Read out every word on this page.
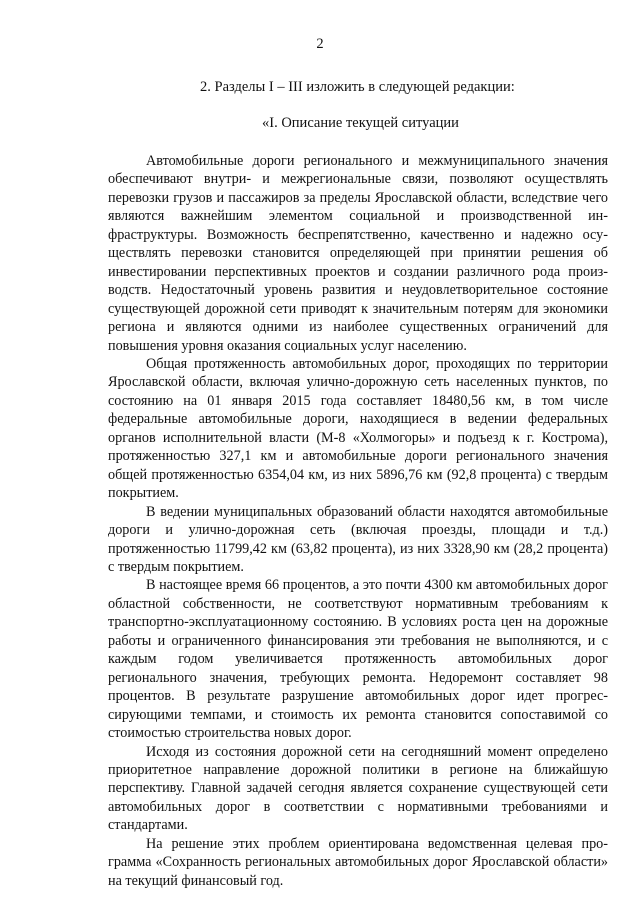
2
2. Разделы I – III изложить в следующей редакции:
«I. Описание текущей ситуации

Автомобильные дороги регионального и межмуниципального значения обеспечивают внутри- и межрегиональные связи, позволяют осуществлять перевозки грузов и пассажиров за пределы Ярославской области, вследствие чего являются важнейшим элементом социальной и производственной инфраструктуры. Возможность беспрепятственно, качественно и надежно осуществлять перевозки становится определяющей при принятии решения об инвестировании перспективных проектов и создании различного рода производств. Недостаточный уровень развития и неудовлетворительное состояние существующей дорожной сети приводят к значительным потерям для экономики региона и являются одними из наиболее существенных ограничений для повышения уровня оказания социальных услуг населению.

Общая протяженность автомобильных дорог, проходящих по территории Ярославской области, включая улично-дорожную сеть населенных пунктов, по состоянию на 01 января 2015 года составляет 18480,56 км, в том числе федеральные автомобильные дороги, находящиеся в ведении федеральных органов исполнительной власти (М-8 «Холмогоры» и подъезд к г. Кострома), протяженностью 327,1 км и автомобильные дороги регионального значения общей протяженностью 6354,04 км, из них 5896,76 км (92,8 процента) с твердым покрытием.

В ведении муниципальных образований области находятся автомобильные дороги и улично-дорожная сеть (включая проезды, площади и т.д.) протяженностью 11799,42 км (63,82 процента), из них 3328,90 км (28,2 процента) с твердым покрытием.

В настоящее время 66 процентов, а это почти 4300 км автомобильных дорог областной собственности, не соответствуют нормативным требованиям к транспортно-эксплуатационному состоянию. В условиях роста цен на дорожные работы и ограниченного финансирования эти требования не выполняются, и с каждым годом увеличивается протяженность автомобильных дорог регионального значения, требующих ремонта. Недоремонт составляет 98 процентов. В результате разрушение автомобильных дорог идет прогрессирующими темпами, и стоимость их ремонта становится сопоставимой со стоимостью строительства новых дорог.

Исходя из состояния дорожной сети на сегодняшний момент определено приоритетное направление дорожной политики в регионе на ближайшую перспективу. Главной задачей сегодня является сохранение существующей сети автомобильных дорог в соответствии с нормативными требованиями и стандартами.

На решение этих проблем ориентирована ведомственная целевая программа «Сохранность региональных автомобильных дорог Ярославской области» на текущий финансовый год.
